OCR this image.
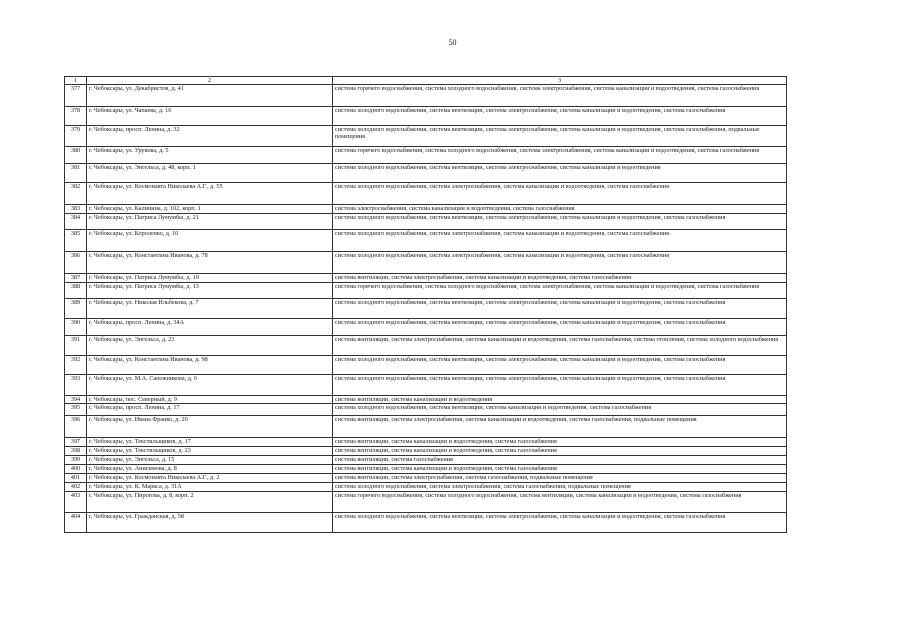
50
1	2	3
377	г. Чебоксары, ул. Декабристов, д. 41	система горячего водоснабжения, система холодного водоснабжения, система электроснабжения, система канализации и водоотведения, система газоснабжения
378	г. Чебоксары, ул. Чапаева, д. 16	система холодного водоснабжения, система вентиляции, система электроснабжения, система канализации и водоотведения, система газоснабжения
379	г. Чебоксары, просп. Ленина, д. 32	система холодного водоснабжения, система вентиляции, система электроснабжения, система канализации и водоотведения, система газоснабжения, подвальные помещения
380	г. Чебоксары, ул. Урукова, д. 5	система горячего водоснабжения, система холодного водоснабжения, система электроснабжения, система канализации и водоотведения, система газоснабжения
381	г. Чебоксары, ул. Энгельса, д. 48, корп. 1	система холодного водоснабжения, система вентиляции, система электроснабжения, система канализации и водоотведения
382	г. Чебоксары, ул. Космонавта Николаева А.Г., д. 55	система холодного водоснабжения, система электроснабжения, система канализации и водоотведения, система газоснабжения
383	г. Чебоксары, ул. Калинина, д. 102, корп. 1	система электроснабжения, система канализации и водоотведения, система газоснабжения
384	г. Чебоксары, ул. Патриса Лумумбы, д. 21	система холодного водоснабжения, система вентиляции, система электроснабжения, система канализации и водоотведения, система газоснабжения
385	г. Чебоксары, ул. Короленко, д. 10	система холодного водоснабжения, система электроснабжения, система канализации и водоотведения, система газоснабжения
386	г. Чебоксары, ул. Константина Иванова, д. 78	система холодного водоснабжения, система электроснабжения, система канализации и водоотведения, система газоснабжения
387	г. Чебоксары, ул. Патриса Лумумбы, д. 19	система вентиляции, система электроснабжения, система канализации и водоотведения, система газоснабжения
388	г. Чебоксары, ул. Патриса Лумумбы, д. 13	система горячего водоснабжения, система холодного водоснабжения, система электроснабжения, система канализации и водоотведения, система газоснабжения
389	г. Чебоксары, ул. Николая Ильбекова, д. 7	система холодного водоснабжения, система вентиляции, система электроснабжения, система канализации и водоотведения, система газоснабжения
390	г. Чебоксары, просп. Ленина, д. 34А	система холодного водоснабжения, система вентиляции, система электроснабжения, система канализации и водоотведения, система газоснабжения
391	г. Чебоксары, ул. Энгельса, д. 23	система вентиляции, система электроснабжения, система канализации и водоотведения, система газоснабжения, система отопления, система холодного водоснабжения
392	г. Чебоксары, ул. Константина Иванова, д. 98	система холодного водоснабжения, система вентиляции, система электроснабжения, система канализации и водоотведения, система газоснабжения
393	г. Чебоксары, ул. М.А. Сапожникова, д. 6	система холодного водоснабжения, система вентиляции, система электроснабжения, система канализации и водоотведения, система газоснабжения
394	г. Чебоксары, пос. Северный, д. 9	система вентиляции, система канализации и водоотведения
395	г. Чебоксары, просп. Ленина, д. 17	система холодного водоснабжения, система вентиляции, система канализации и водоотведения, система газоснабжения
396	г. Чебоксары, ул. Ивана Франко, д. 20	система вентиляции, система электроснабжения, система канализации и водоотведения, система газоснабжения, подвальные помещения
397	г. Чебоксары, ул. Текстильщиков, д. 17	система вентиляции, система канализации и водоотведения, система газоснабжения
398	г. Чебоксары, ул. Текстильщиков, д. 23	система вентиляции, система канализации и водоотведения, система газоснабжения
399	г. Чебоксары, ул. Энгельса, д. 15	система вентиляции, система газоснабжения
400	г. Чебоксары, ул. Анисимова, д. 8	система вентиляции, система канализации и водоотведения, система газоснабжения
401	г. Чебоксары, ул. Космонавта Николаева А.Г., д. 2	система вентиляции, система электроснабжения, система газоснабжения, подвальные помещения
402	г. Чебоксары, ул. К. Маркса, д. 31А	система холодного водоснабжения, система электроснабжения, система газоснабжения, подвальные помещения
403	г. Чебоксары, ул. Пирогова, д. 8, корп. 2	система горячего водоснабжения, система холодного водоснабжения, система вентиляции, система канализации и водоотведения, система газоснабжения
404	г. Чебоксары, ул. Гражданская, д. 58	система холодного водоснабжения, система вентиляции, система электроснабжения, система канализации и водоотведения, система газоснабжения
